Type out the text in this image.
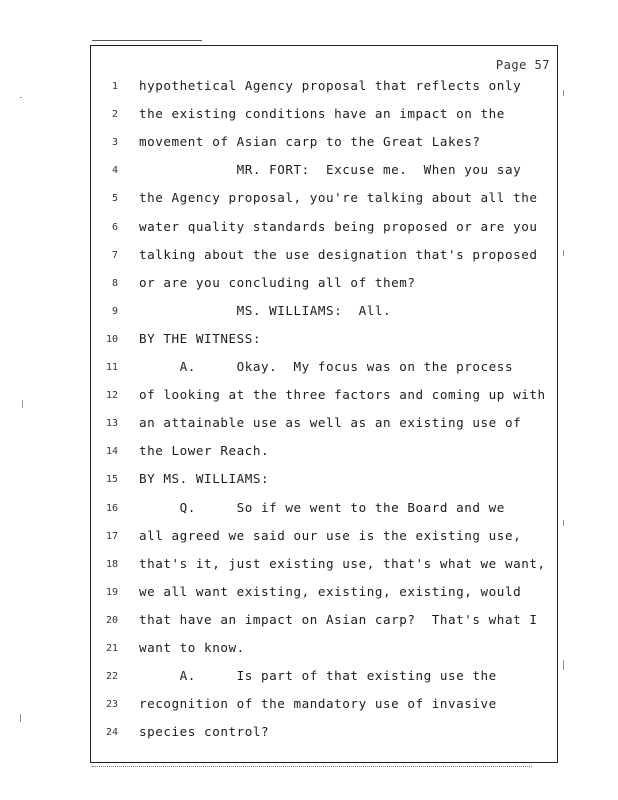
Page 57
1 hypothetical Agency proposal that reflects only
2 the existing conditions have an impact on the
3 movement of Asian carp to the Great Lakes?
4 MR. FORT:  Excuse me.  When you say
5 the Agency proposal, you're talking about all the
6 water quality standards being proposed or are you
7 talking about the use designation that's proposed
8 or are you concluding all of them?
9 MS. WILLIAMS:  All.
10 BY THE WITNESS:
11 A.     Okay.  My focus was on the process
12 of looking at the three factors and coming up with
13 an attainable use as well as an existing use of
14 the Lower Reach.
15 BY MS. WILLIAMS:
16 Q.     So if we went to the Board and we
17 all agreed we said our use is the existing use,
18 that's it, just existing use, that's what we want,
19 we all want existing, existing, existing, would
20 that have an impact on Asian carp?  That's what I
21 want to know.
22 A.     Is part of that existing use the
23 recognition of the mandatory use of invasive
24 species control?
